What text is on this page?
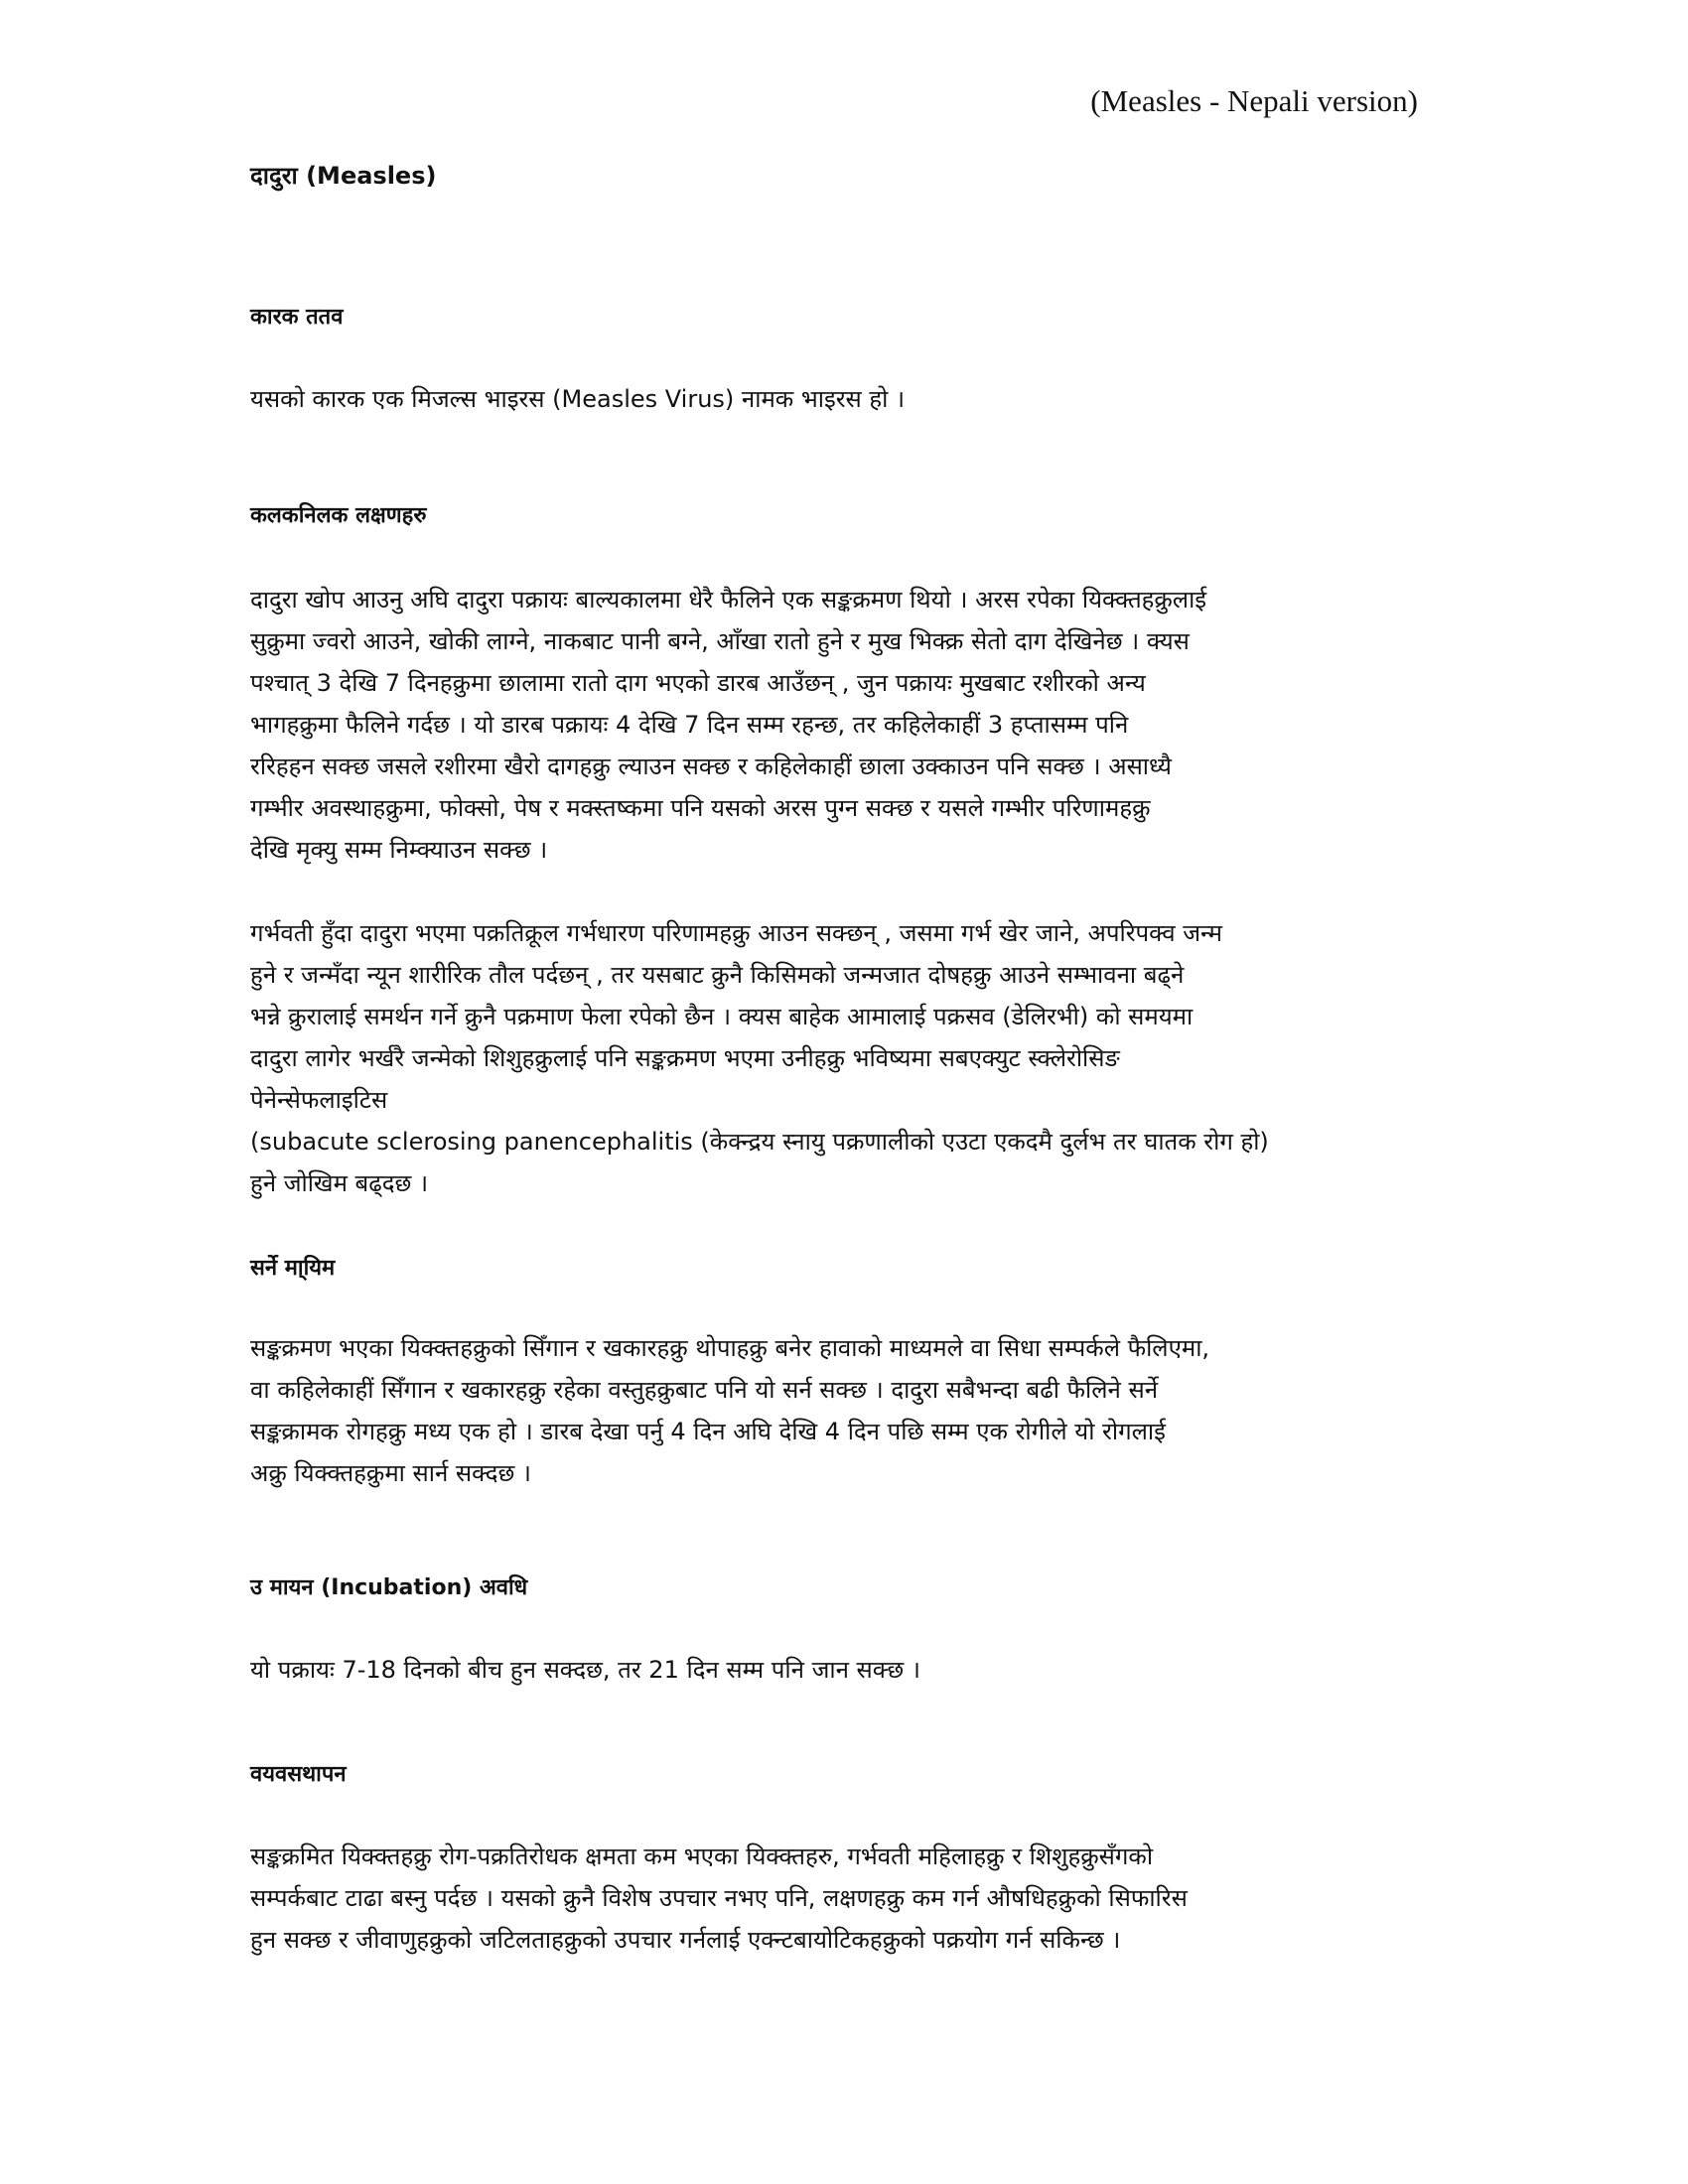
(Measles - Nepali version)

दादुरा (Measles)

कारक ततव

यसको कारक एक मिजल्स भाइरस (Measles Virus) नामक भाइरस हो ।

कलकनिलक लक्षणहरु

दादुरा खोप आउनु अघि दादुरा पक्रायः बाल्यकालमा धेरै फैलिने एक सङ्कक्रमण थियो । अरस रपेका यिक्क्तहक्रुलाई
सुक्रुमा ज्वरो आउने, खोकी लाग्ने, नाकबाट पानी बग्ने, आँखा रातो हुने र मुख भिक्क्र सेतो दाग देखिनेछ । क्यस
पश्चात् 3 देखि 7 दिनहक्रुमा छालामा रातो दाग भएको डारब आउँछन् , जुन पक्रायः मुखबाट रशीरको अन्य
भागहक्रुमा फैलिने गर्दछ । यो डारब पक्रायः 4 देखि 7 दिन सम्म रहन्छ, तर कहिलेकाहीं 3 हप्तासम्म पनि
ररिहहन सक्छ जसले रशीरमा खैरो दागहक्रु ल्याउन सक्छ र कहिलेकाहीं छाला उक्काउन पनि सक्छ । असाध्यै
गम्भीर अवस्थाहक्रुमा, फोक्सो, पेष र मक्स्तष्कमा पनि यसको अरस पुग्न सक्छ र यसले गम्भीर परिणामहक्रु
देखि मृक्यु सम्म निम्क्याउन सक्छ ।

गर्भवती हुँदा दादुरा भएमा पक्रतिक्रूल गर्भधारण परिणामहक्रु आउन सक्छन् , जसमा गर्भ खेर जाने, अपरिपक्व जन्म
हुने र जन्मँदा न्यून शारीरिक तौल पर्दछन् , तर यसबाट क्रुनै किसिमको जन्मजात दोषहक्रु आउने सम्भावना बढ्ने
भन्ने क्रुरालाई समर्थन गर्ने क्रुनै पक्रमाण फेला रपेको छैन । क्यस बाहेक आमालाई पक्रसव (डेलिरभी) को समयमा
दादुरा लागेर भर्खरै जन्मेको शिशुहक्रुलाई पनि सङ्कक्रमण भएमा उनीहक्रु भविष्यमा सबएक्युट स्क्लेरोसिङ
पेनेन्सेफलाइटिस
(subacute sclerosing panencephalitis (केक्न्द्रय स्नायु पक्रणालीको एउटा एकदमै दुर्लभ तर घातक रोग हो)
हुने जोखिम बढ्दछ ।

सर्ने मा्यिम

सङ्कक्रमण भएका यिक्क्तहक्रुको सिँगान र खकारहक्रु थोपाहक्रु बनेर हावाको माध्यमले वा सिधा सम्पर्कले फैलिएमा,
वा कहिलेकाहीं सिँगान र खकारहक्रु रहेका वस्तुहक्रुबाट पनि यो सर्न सक्छ । दादुरा सबैभन्दा बढी फैलिने सर्ने
सङ्कक्रामक रोगहक्रु मध्य एक हो । डारब देखा पर्नु 4 दिन अघि देखि 4 दिन पछि सम्म एक रोगीले यो रोगलाई
अक्रु यिक्क्तहक्रुमा सार्न सक्दछ ।

उ मायन (Incubation) अवधि

यो पक्रायः 7-18 दिनको बीच हुन सक्दछ, तर 21 दिन सम्म पनि जान सक्छ ।

वयवसथापन

सङ्कक्रमित यिक्क्तहक्रु रोग-पक्रतिरोधक क्षमता कम भएका यिक्क्तहरु, गर्भवती महिलाहक्रु र शिशुहक्रुसँगको
सम्पर्कबाट टाढा बस्नु पर्दछ । यसको क्रुनै विशेष उपचार नभए पनि, लक्षणहक्रु कम गर्न औषधिहक्रुको सिफारिस
हुन सक्छ र जीवाणुहक्रुको जटिलताहक्रुको उपचार गर्नलाई एक्न्टबायोटिकहक्रुको पक्रयोग गर्न सकिन्छ ।
